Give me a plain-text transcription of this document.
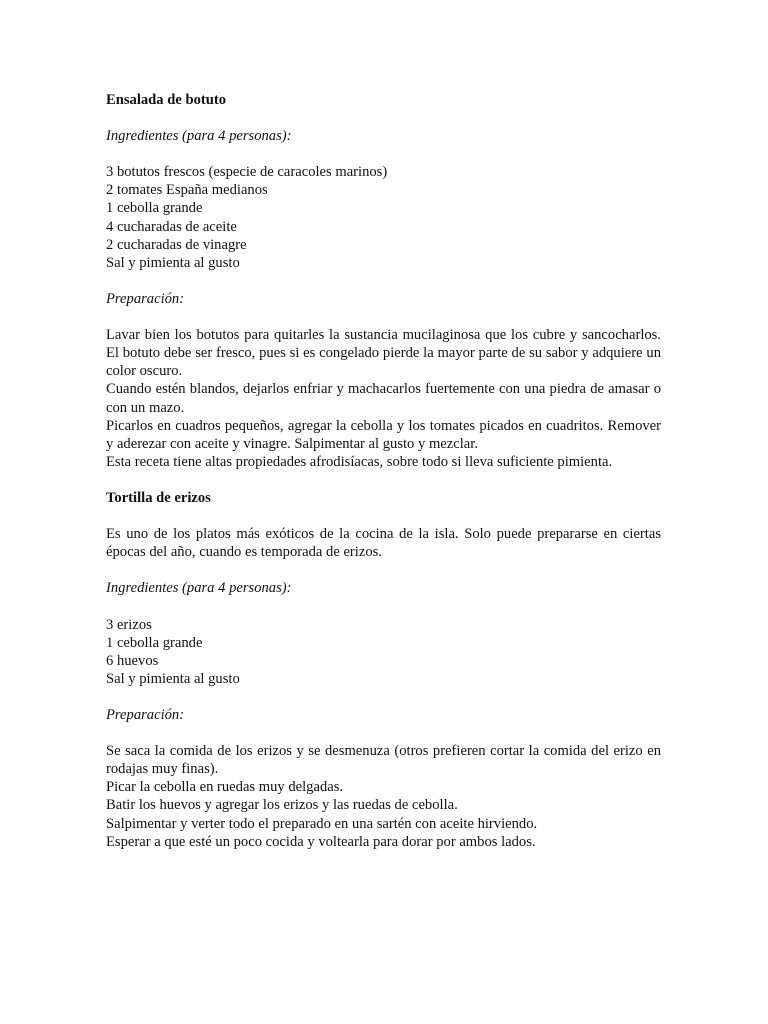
Ensalada de botuto

Ingredientes (para 4 personas):

3 botutos frescos (especie de caracoles marinos)

2 tomates España medianos

1 cebolla grande

4 cucharadas de aceite

2 cucharadas de vinagre

Sal y pimienta al gusto

Preparación:

Lavar bien los botutos para quitarles la sustancia mucilaginosa que los cubre y sancocharlos. El botuto debe ser fresco, pues si es congelado pierde la mayor parte de su sabor y adquiere un color oscuro.

Cuando estén blandos, dejarlos enfriar y machacarlos fuertemente con una piedra de amasar o con un mazo.

Picarlos en cuadros pequeños, agregar la cebolla y los tomates picados en cuadritos. Remover y aderezar con aceite y vinagre. Salpimentar al gusto y mezclar.

Esta receta tiene altas propiedades afrodisíacas, sobre todo si lleva suficiente pimienta.

Tortilla de erizos

Es uno de los platos más exóticos de la cocina de la isla. Solo puede prepararse en ciertas épocas del año, cuando es temporada de erizos.

Ingredientes (para 4 personas):

3 erizos

1 cebolla grande

6 huevos

Sal y pimienta al gusto

Preparación:

Se saca la comida de los erizos y se desmenuza (otros prefieren cortar la comida del erizo en rodajas muy finas).

Picar la cebolla en ruedas muy delgadas.

Batir los huevos y agregar los erizos y las ruedas de cebolla.

Salpimentar y verter todo el preparado en una sartén con aceite hirviendo.

Esperar a que esté un poco cocida y voltearla para dorar por ambos lados.
